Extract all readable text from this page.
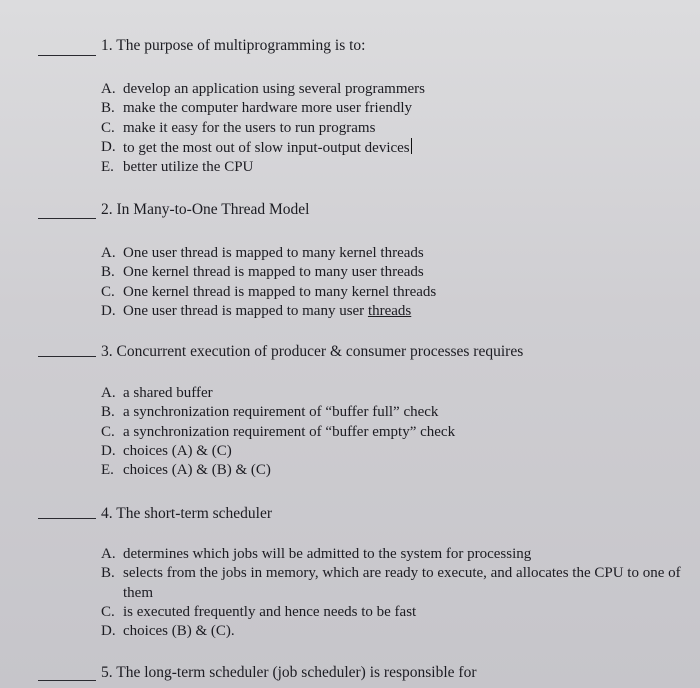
1. The purpose of multiprogramming is to:
A. develop an application using several programmers
B. make the computer hardware more user friendly
C. make it easy for the users to run programs
D. to get the most out of slow input-output devices
E. better utilize the CPU
2. In Many-to-One Thread Model
A. One user thread is mapped to many kernel threads
B. One kernel thread is mapped to many user threads
C. One kernel thread is mapped to many kernel threads
D. One user thread is mapped to many user threads
3. Concurrent execution of producer & consumer processes requires
A. a shared buffer
B. a synchronization requirement of “buffer full” check
C. a synchronization requirement of “buffer empty” check
D. choices (A) & (C)
E. choices (A) & (B) & (C)
4. The short-term scheduler
A. determines which jobs will be admitted to the system for processing
B. selects from the jobs in memory, which are ready to execute, and allocates the CPU to one of them
C. is executed frequently and hence needs to be fast
D. choices (B) & (C).
5. The long-term scheduler (job scheduler) is responsible for
